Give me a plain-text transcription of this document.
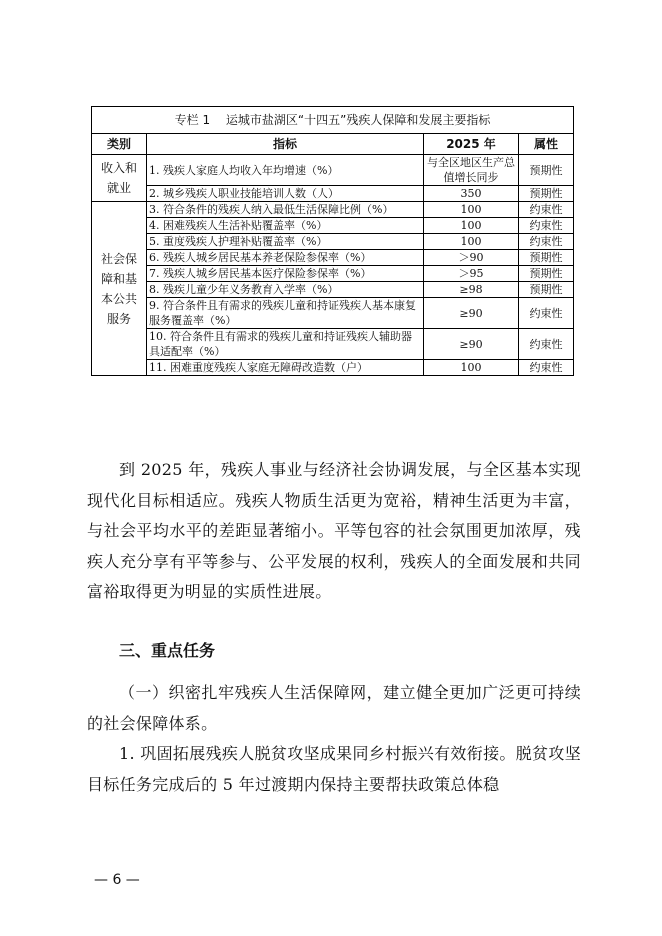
专栏 1　 运城市盐湖区“十四五”残疾人保障和发展主要指标			
类别	指标	2025 年	属性
收入和就业	1. 残疾人家庭人均收入年均增速（%）	与全区地区生产总值增长同步	预期性
	2. 城乡残疾人职业技能培训人数（人）	350	预期性
社会保障和基本公共服务	3. 符合条件的残疾人纳入最低生活保障比例（%）	100	约束性
	4. 困难残疾人生活补贴覆盖率（%）	100	约束性
	5. 重度残疾人护理补贴覆盖率（%）	100	约束性
	6. 残疾人城乡居民基本养老保险参保率（%）	＞90	预期性
	7. 残疾人城乡居民基本医疗保险参保率（%）	＞95	预期性
	8. 残疾儿童少年义务教育入学率（%）	≥98	预期性
	9. 符合条件且有需求的残疾儿童和持证残疾人基本康复服务覆盖率（%）	≥90	约束性
	10. 符合条件且有需求的残疾儿童和持证残疾人辅助器具适配率（%）	≥90	约束性
	11. 困难重度残疾人家庭无障碍改造数（户）	100	约束性

到 2025 年，残疾人事业与经济社会协调发展，与全区基本实现现代化目标相适应。残疾人物质生活更为宽裕，精神生活更为丰富，与社会平均水平的差距显著缩小。平等包容的社会氛围更加浓厚，残疾人充分享有平等参与、公平发展的权利，残疾人的全面发展和共同富裕取得更为明显的实质性进展。

三、重点任务

（一）织密扎牢残疾人生活保障网，建立健全更加广泛更可持续的社会保障体系。

1. 巩固拓展残疾人脱贫攻坚成果同乡村振兴有效衔接。脱贫攻坚目标任务完成后的 5 年过渡期内保持主要帮扶政策总体稳

— 6 —
